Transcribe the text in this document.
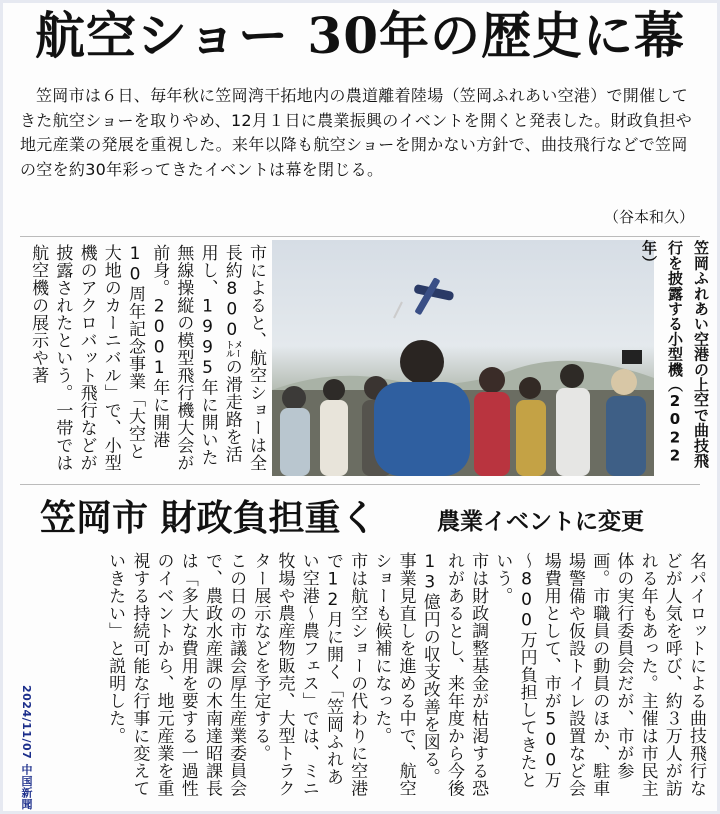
航空ショー 30年の歴史に幕
笠岡市は６日、毎年秋に笠岡湾干拓地内の農道離着陸場（笠岡ふれあい空港）で開催してきた航空ショーを取りやめ、12月１日に農業振興のイベントを開くと発表した。財政負担や地元産業の発展を重視した。来年以降も航空ショーを開かない方針で、曲技飛行などで笠岡の空を約30年彩ってきたイベントは幕を閉じる。
（谷本和久）
市によると、航空ショーは全長約800㍍の滑走路を活用し、1995年に開いた無線操縦の模型飛行機大会が前身。2001年に開港10周年記念事業「大空と大地のカーニバル」で、小型機のアクロバット飛行などが披露されたという。一帯では航空機の展示や著	笠岡ふれあい空港の上空で曲技飛行を披露する小型機（2022年）
笠岡市 財政負担重く	農業イベントに変更
名パイロットによる曲技飛行などが人気を呼び、約３万人が訪れる年もあった。主催は市民主体の実行委員会だが、市が参画。市職員の動員のほか、駐車場警備や仮設トイレ設置など会場費用として、市が500万～800万円負担してきたという。
市は財政調整基金が枯渇する恐れがあるとし、来年度から今後13億円の収支改善を図る。事業見直しを進める中で、航空ショーも候補になった。
市は航空ショーの代わりに空港で12月に開く「笠岡ふれあい空港～農フェス」では、ミニ牧場や農産物販売、大型トラクター展示などを予定する。
この日の市議会厚生産業委員会で、農政水産課の木南達昭課長は「多大な費用を要する一過性のイベントから、地元産業を重視する持続可能な行事に変えていきたい」と説明した。
2024/11/07 中国新聞
